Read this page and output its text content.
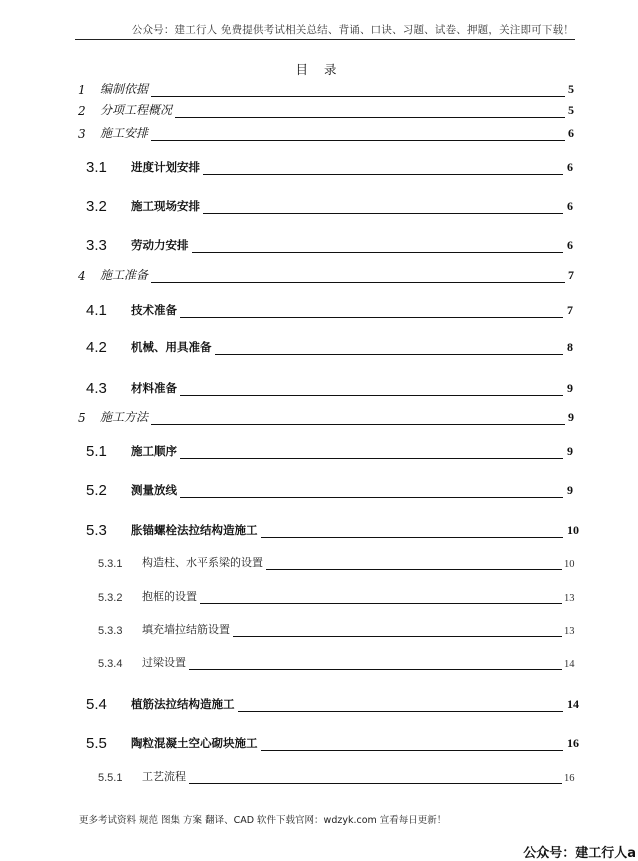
公众号：建工行人 免费提供考试相关总结、背诵、口诀、习题、试卷、押题，关注即可下载！
目 录
1 编制依据	5
2 分项工程概况	5
3 施工安排	6
3.1 进度计划安排	6
3.2 施工现场安排	6
3.3 劳动力安排	6
4 施工准备	7
4.1 技术准备	7
4.2 机械、用具准备	8
4.3 材料准备	9
5 施工方法	9
5.1 施工顺序	9
5.2 测量放线	9
5.3 胀锚螺栓法拉结构造施工	10
5.3.1 构造柱、水平系梁的设置	10
5.3.2 抱框的设置	13
5.3.3 填充墙拉结筋设置	13
5.3.4 过梁设置	14
5.4 植筋法拉结构造施工	14
5.5 陶粒混凝土空心砌块施工	16
5.5.1 工艺流程	16
更多考试资料 规范 图集 方案 翻译、CAD 软件下载官网：wdzyk.com 宣看每日更新！
公众号：建工行人a
